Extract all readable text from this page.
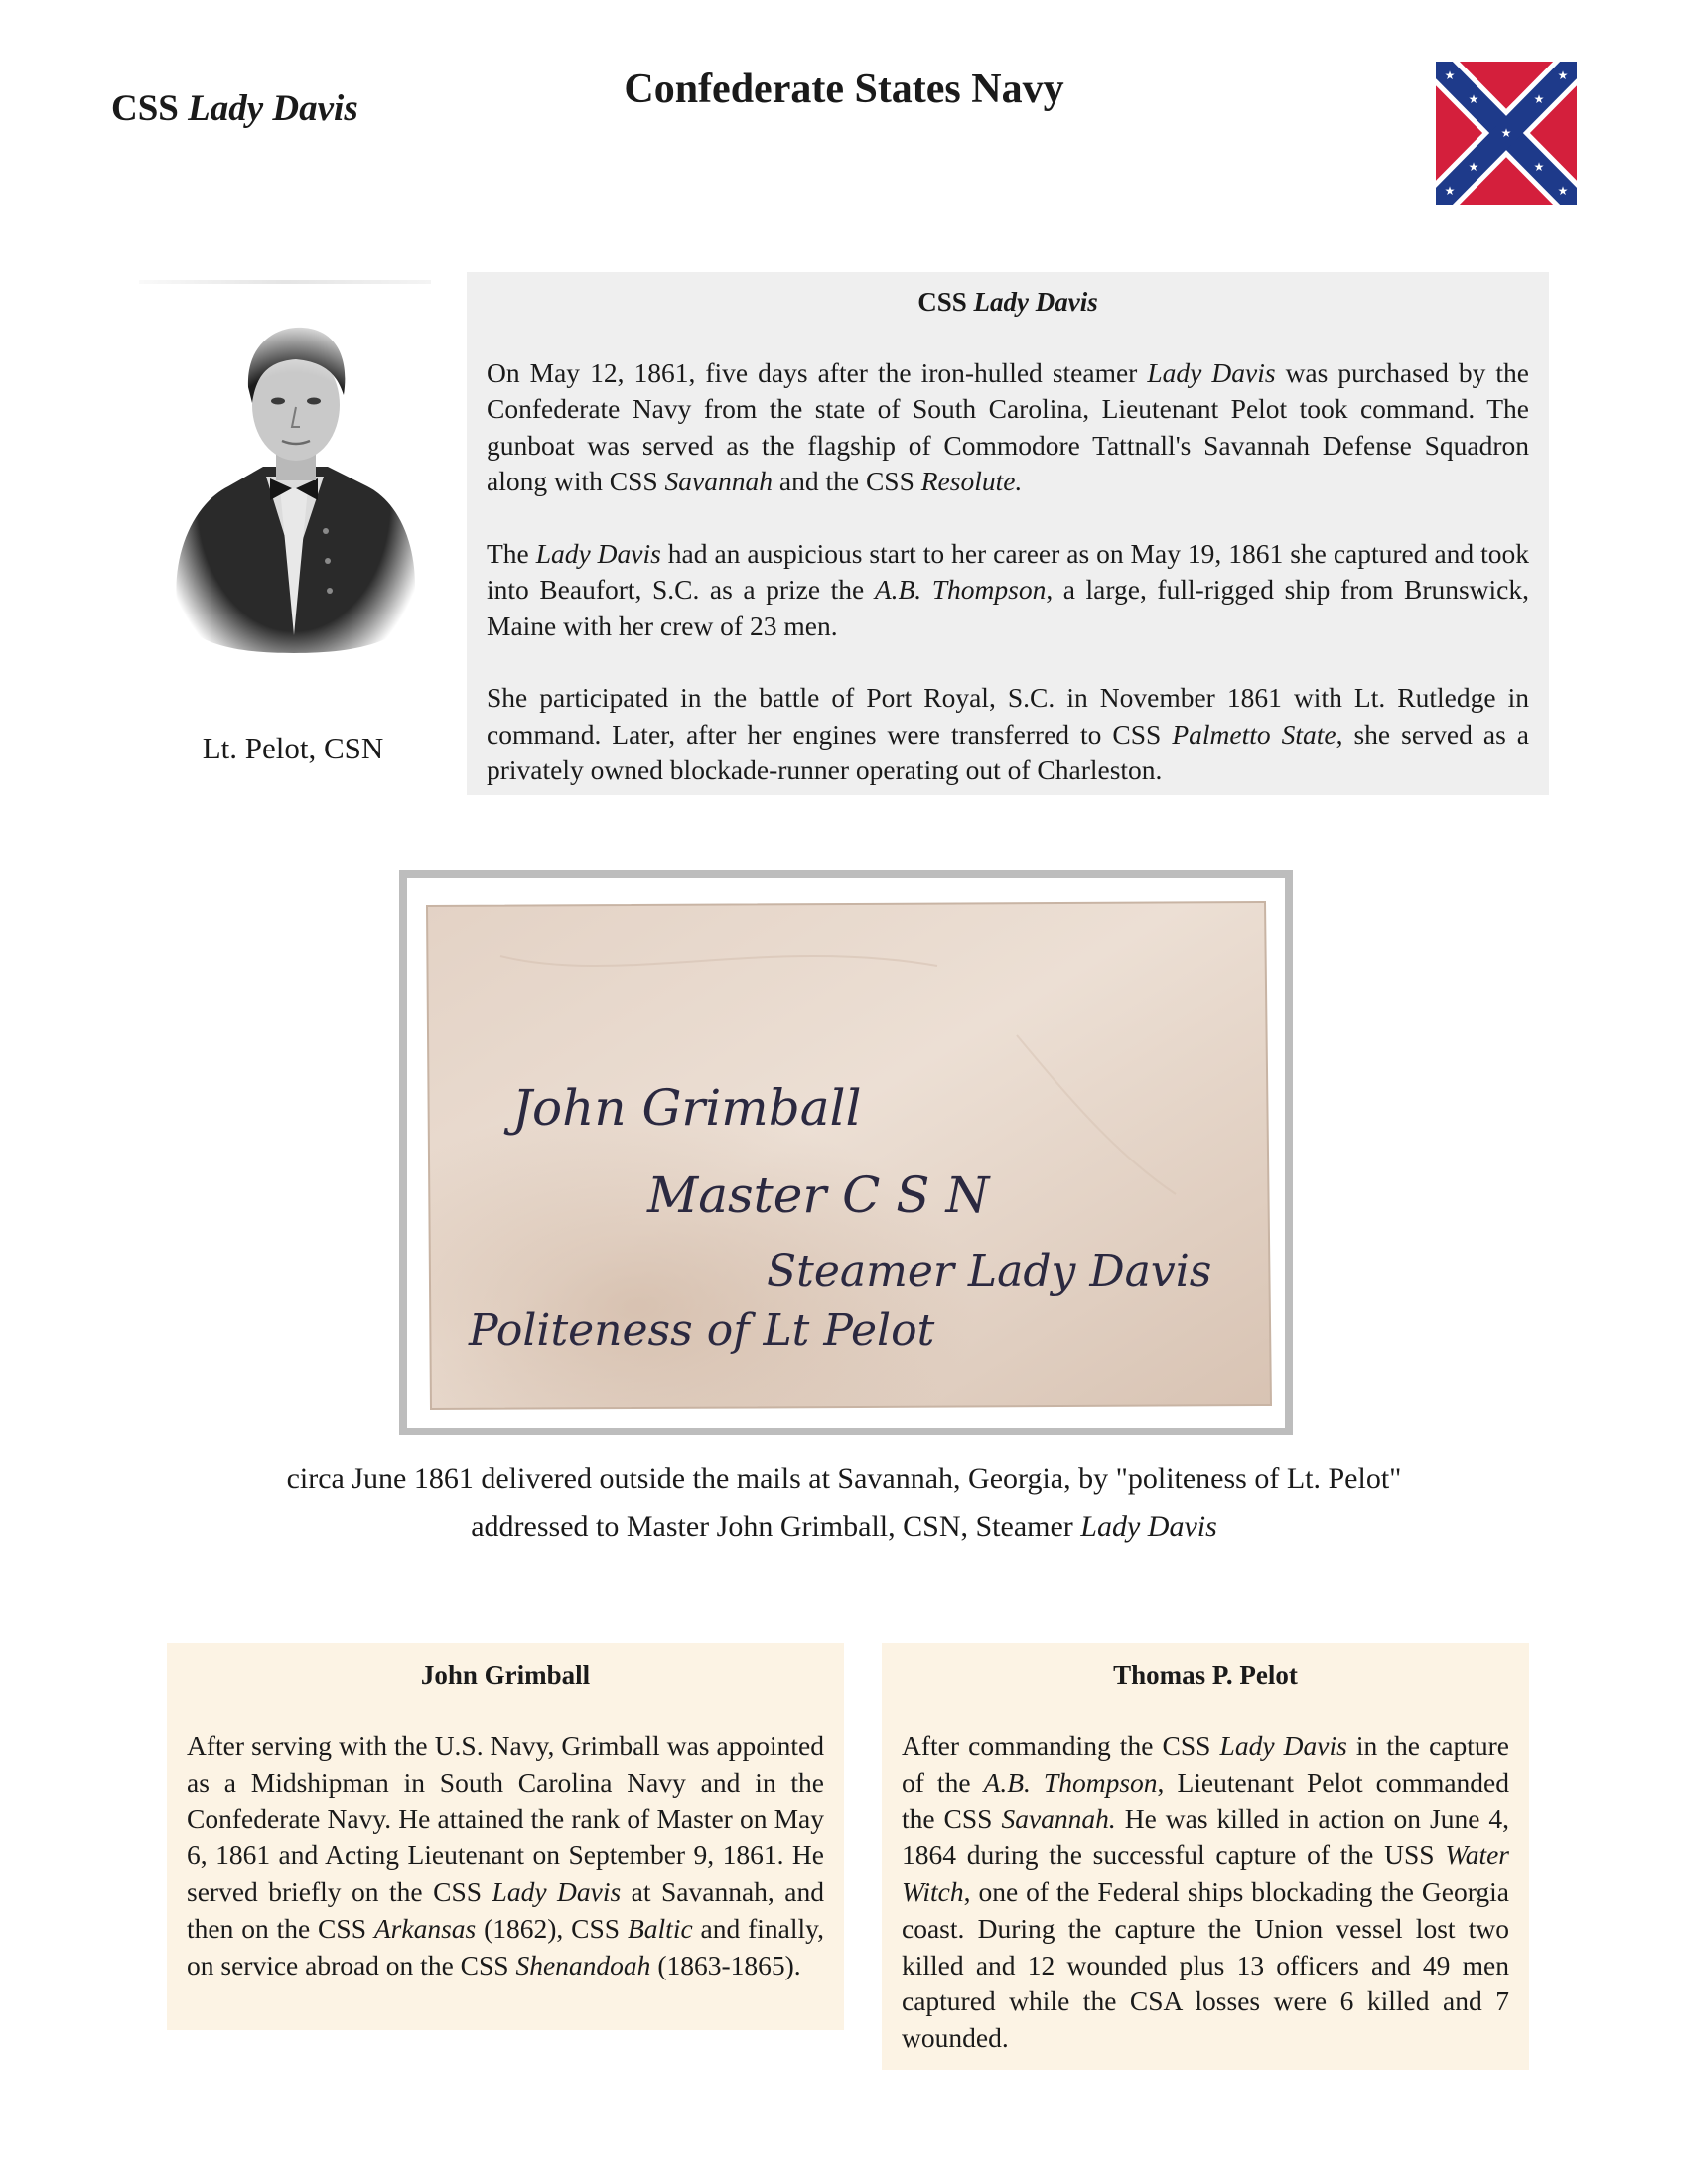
CSS Lady Davis	Confederate States Navy	★
★
★
★
★
★
★
★
★
Lt. Pelot, CSN
CSS Lady Davis

On May 12, 1861, five days after the iron-hulled steamer Lady Davis was purchased by the Confederate Navy from the state of South Carolina, Lieutenant Pelot took command. The gunboat was served as the flagship of Commodore Tattnall's Savannah Defense Squadron along with CSS Savannah and the CSS Resolute.

The Lady Davis had an auspicious start to her career as on May 19, 1861 she captured and took into Beaufort, S.C. as a prize the A.B. Thompson, a large, full-rigged ship from Brunswick, Maine with her crew of 23 men.

She participated in the battle of Port Royal, S.C. in November 1861 with Lt. Rutledge in command. Later, after her engines were transferred to CSS Palmetto State, she served as a privately owned blockade-runner operating out of Charleston.

John Grimball
Master C S N
Steamer Lady Davis
Politeness of Lt Pelot
circa June 1861 delivered outside the mails at Savannah, Georgia, by "politeness of Lt. Pelot"
addressed to Master John Grimball, CSN, Steamer Lady Davis
John Grimball

After serving with the U.S. Navy, Grimball was appointed as a Midshipman in South Carolina Navy and in the Confederate Navy. He attained the rank of Master on May 6, 1861 and Acting Lieutenant on September 9, 1861. He served briefly on the CSS Lady Davis at Savannah, and then on the CSS Arkansas (1862), CSS Baltic and finally, on service abroad on the CSS Shenandoah (1863-1865).

Thomas P. Pelot

After commanding the CSS Lady Davis in the capture of the A.B. Thompson, Lieutenant Pelot commanded the CSS Savannah. He was killed in action on June 4, 1864 during the successful capture of the USS Water Witch, one of the Federal ships blockading the Georgia coast. During the capture the Union vessel lost two killed and 12 wounded plus 13 officers and 49 men captured while the CSA losses were 6 killed and 7 wounded.
